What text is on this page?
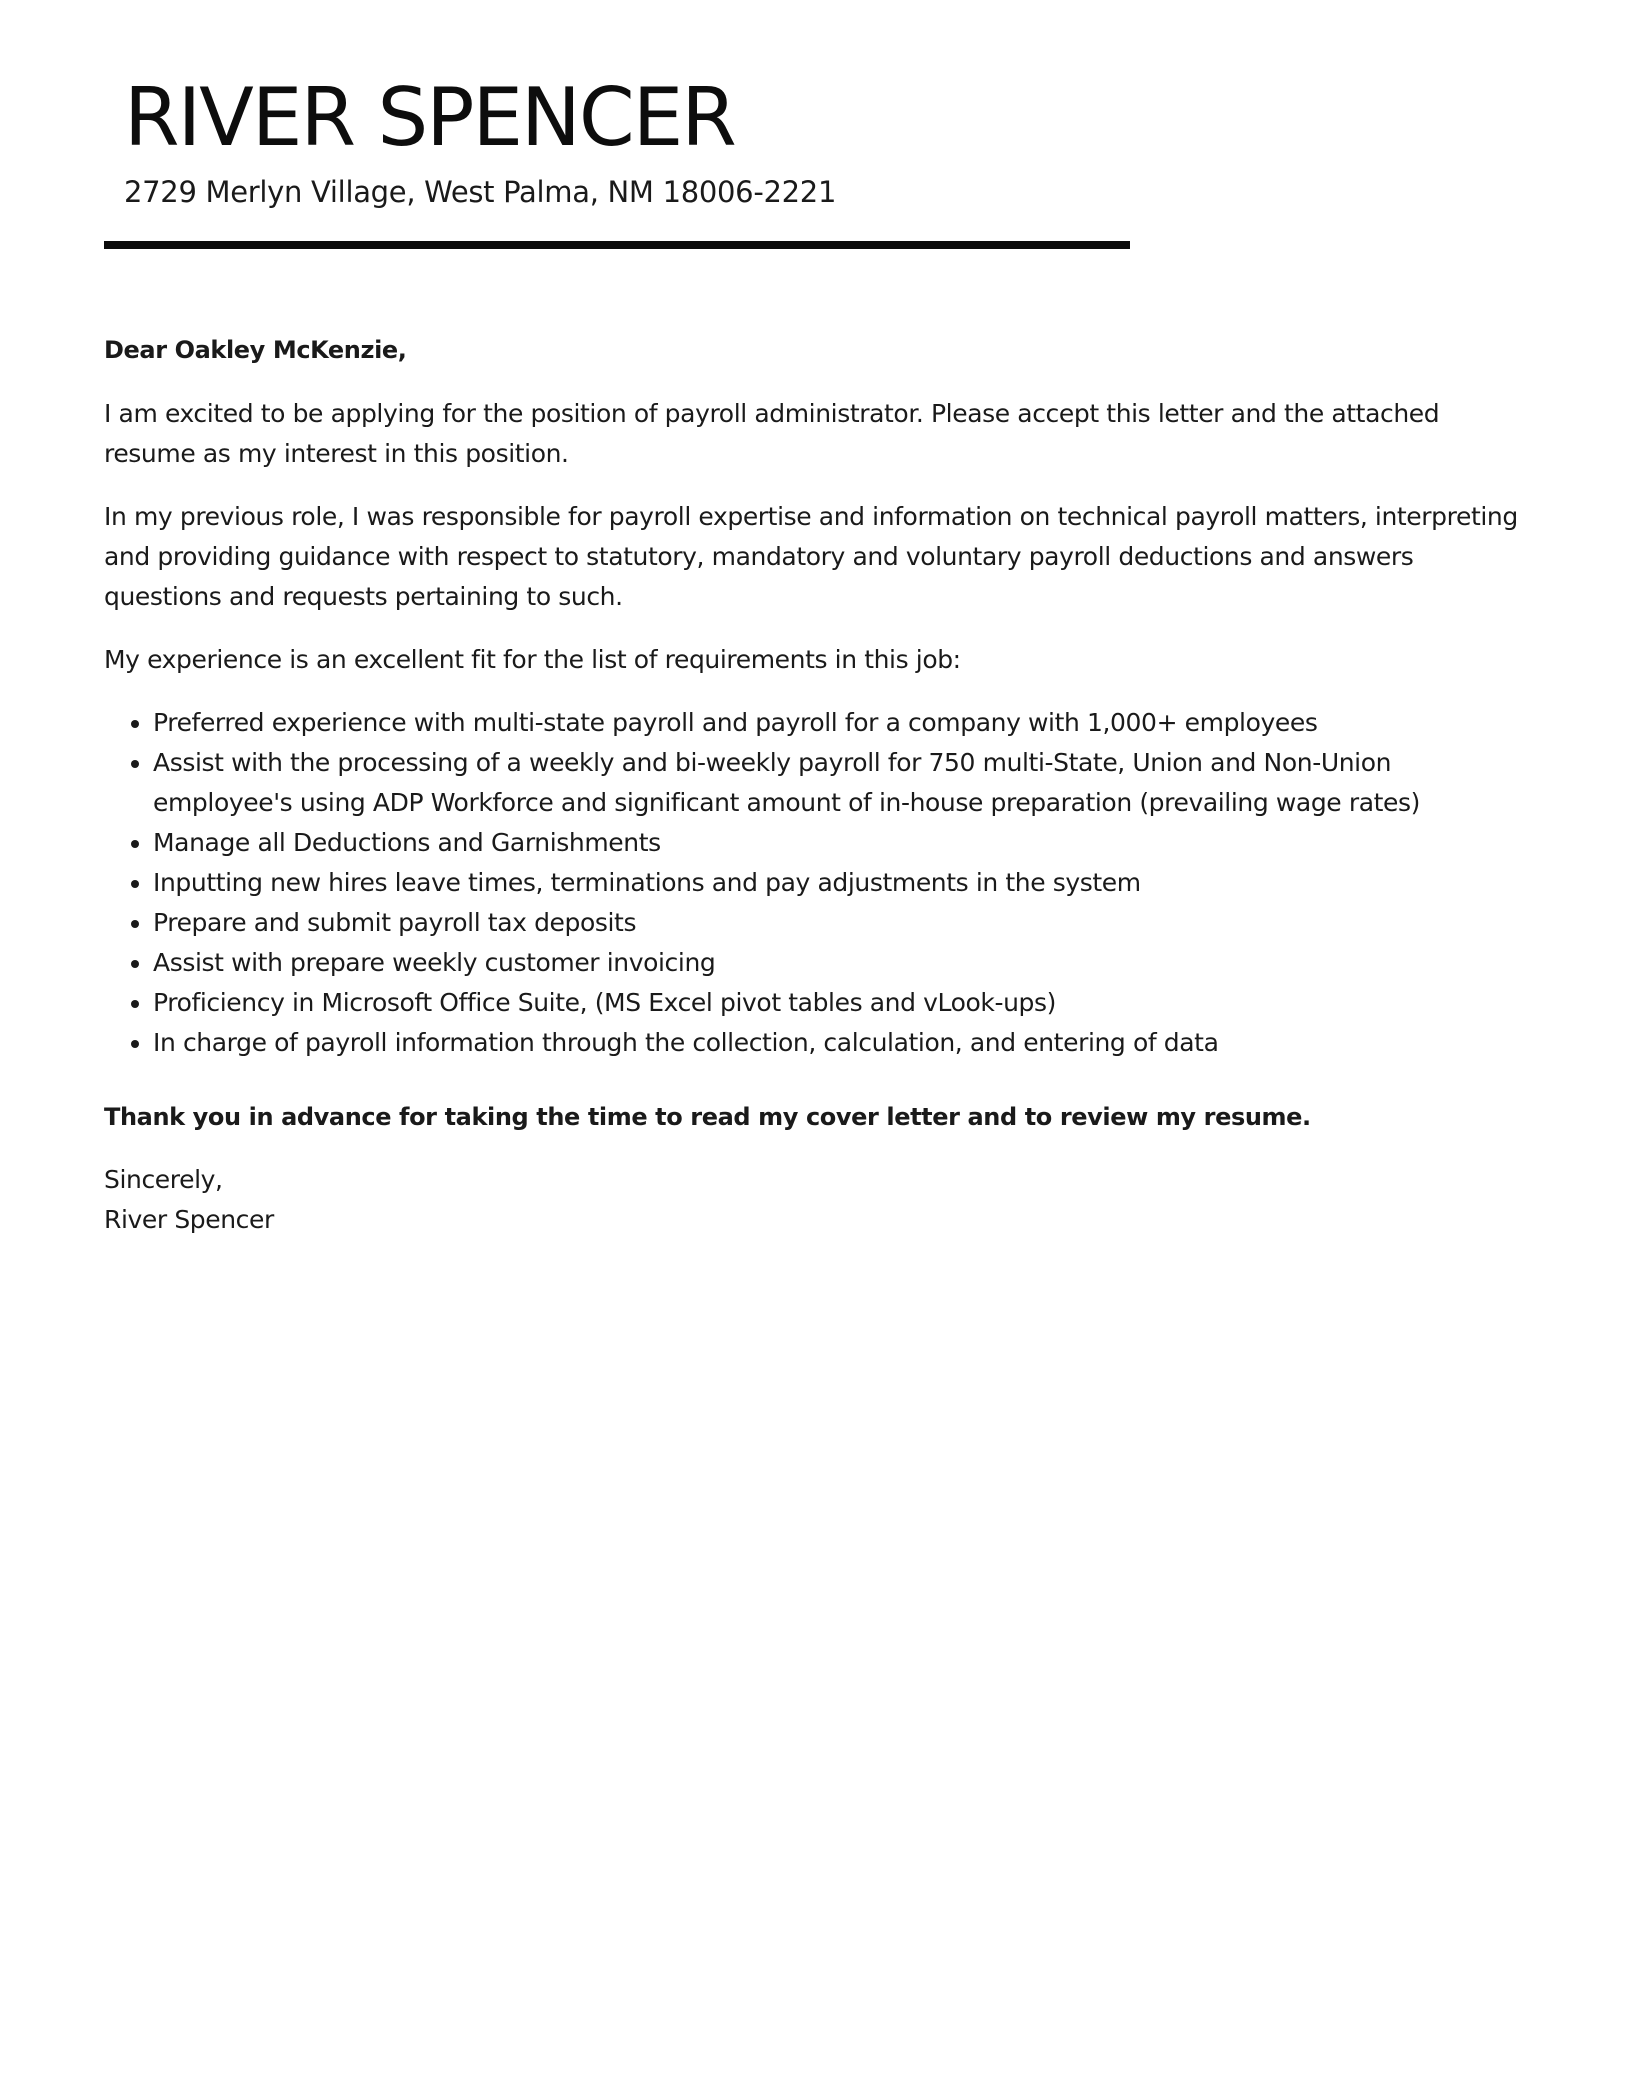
RIVER SPENCER
2729 Merlyn Village, West Palma, NM 18006-2221

Dear Oakley McKenzie,

I am excited to be applying for the position of payroll administrator. Please accept this letter and the attached resume as my interest in this position.

In my previous role, I was responsible for payroll expertise and information on technical payroll matters, interpreting and providing guidance with respect to statutory, mandatory and voluntary payroll deductions and answers questions and requests pertaining to such.

My experience is an excellent fit for the list of requirements in this job:

• Preferred experience with multi-state payroll and payroll for a company with 1,000+ employees
• Assist with the processing of a weekly and bi-weekly payroll for 750 multi-State, Union and Non-Union employee's using ADP Workforce and significant amount of in-house preparation (prevailing wage rates)
• Manage all Deductions and Garnishments
• Inputting new hires leave times, terminations and pay adjustments in the system
• Prepare and submit payroll tax deposits
• Assist with prepare weekly customer invoicing
• Proficiency in Microsoft Office Suite, (MS Excel pivot tables and vLook-ups)
• In charge of payroll information through the collection, calculation, and entering of data

Thank you in advance for taking the time to read my cover letter and to review my resume.

Sincerely,

River Spencer
